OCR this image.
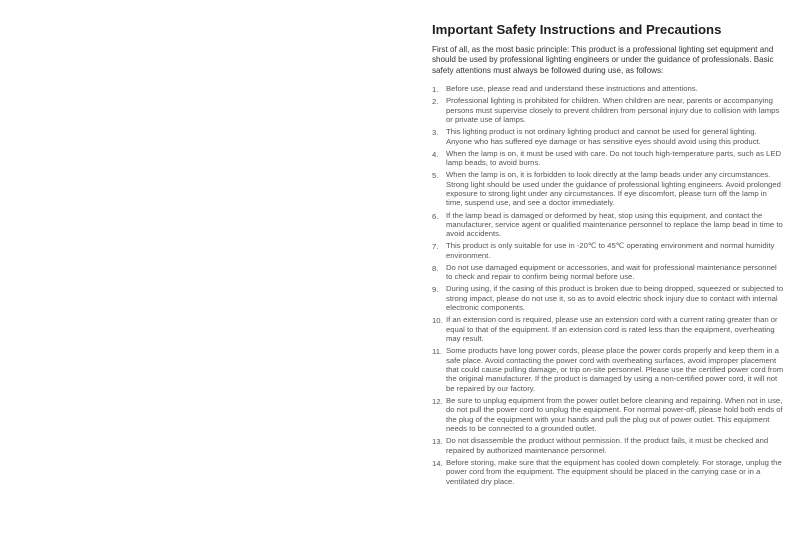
Important Safety Instructions and Precautions

First of all, as the most basic principle: This product is a professional lighting set equipment and should be used by professional lighting engineers or under the guidance of professionals. Basic safety attentions must always be followed during use, as follows:

1. Before use, please read and understand these instructions and attentions.
2. Professional lighting is prohibited for children. When children are near, parents or accompanying persons must supervise closely to prevent children from personal injury due to collision with lamps or private use of lamps.
3. This lighting product is not ordinary lighting product and cannot be used for general lighting. Anyone who has suffered eye damage or has sensitive eyes should avoid using this product.
4. When the lamp is on, it must be used with care. Do not touch high-temperature parts, such as LED lamp beads, to avoid burns.
5. When the lamp is on, it is forbidden to look directly at the lamp beads under any circumstances. Strong light should be used under the guidance of professional lighting engineers. Avoid prolonged exposure to strong light under any circumstances. If eye discomfort, please turn off the lamp in time, suspend use, and see a doctor immediately.
6. If the lamp bead is damaged or deformed by heat, stop using this equipment, and contact the manufacturer, service agent or qualified maintenance personnel to replace the lamp bead in time to avoid accidents.
7. This product is only suitable for use in -20℃ to 45℃ operating environment and normal humidity environment.
8. Do not use damaged equipment or accessories, and wait for professional maintenance personnel to check and repair to confirm being normal before use.
9. During using, if the casing of this product is broken due to being dropped, squeezed or subjected to strong impact, please do not use it, so as to avoid electric shock injury due to contact with internal electronic components.
10. If an extension cord is required, please use an extension cord with a current rating greater than or equal to that of the equipment. If an extension cord is rated less than the equipment, overheating may result.
11. Some products have long power cords, please place the power cords properly and keep them in a safe place. Avoid contacting the power cord with overheating surfaces, avoid improper placement that could cause pulling damage, or trip on-site personnel. Please use the certified power cord from the original manufacturer. If the product is damaged by using a non-certified power cord, it will not be repaired by our factory.
12. Be sure to unplug equipment from the power outlet before cleaning and repairing. When not in use, do not pull the power cord to unplug the equipment. For normal power-off, please hold both ends of the plug of the equipment with your hands and pull the plug out of power outlet. This equipment needs to be connected to a grounded outlet.
13. Do not disassemble the product without permission. If the product fails, it must be checked and repaired by authorized maintenance personnel.
14. Before storing, make sure that the equipment has cooled down completely. For storage, unplug the power cord from the equipment. The equipment should be placed in the carrying case or in a ventilated dry place.
